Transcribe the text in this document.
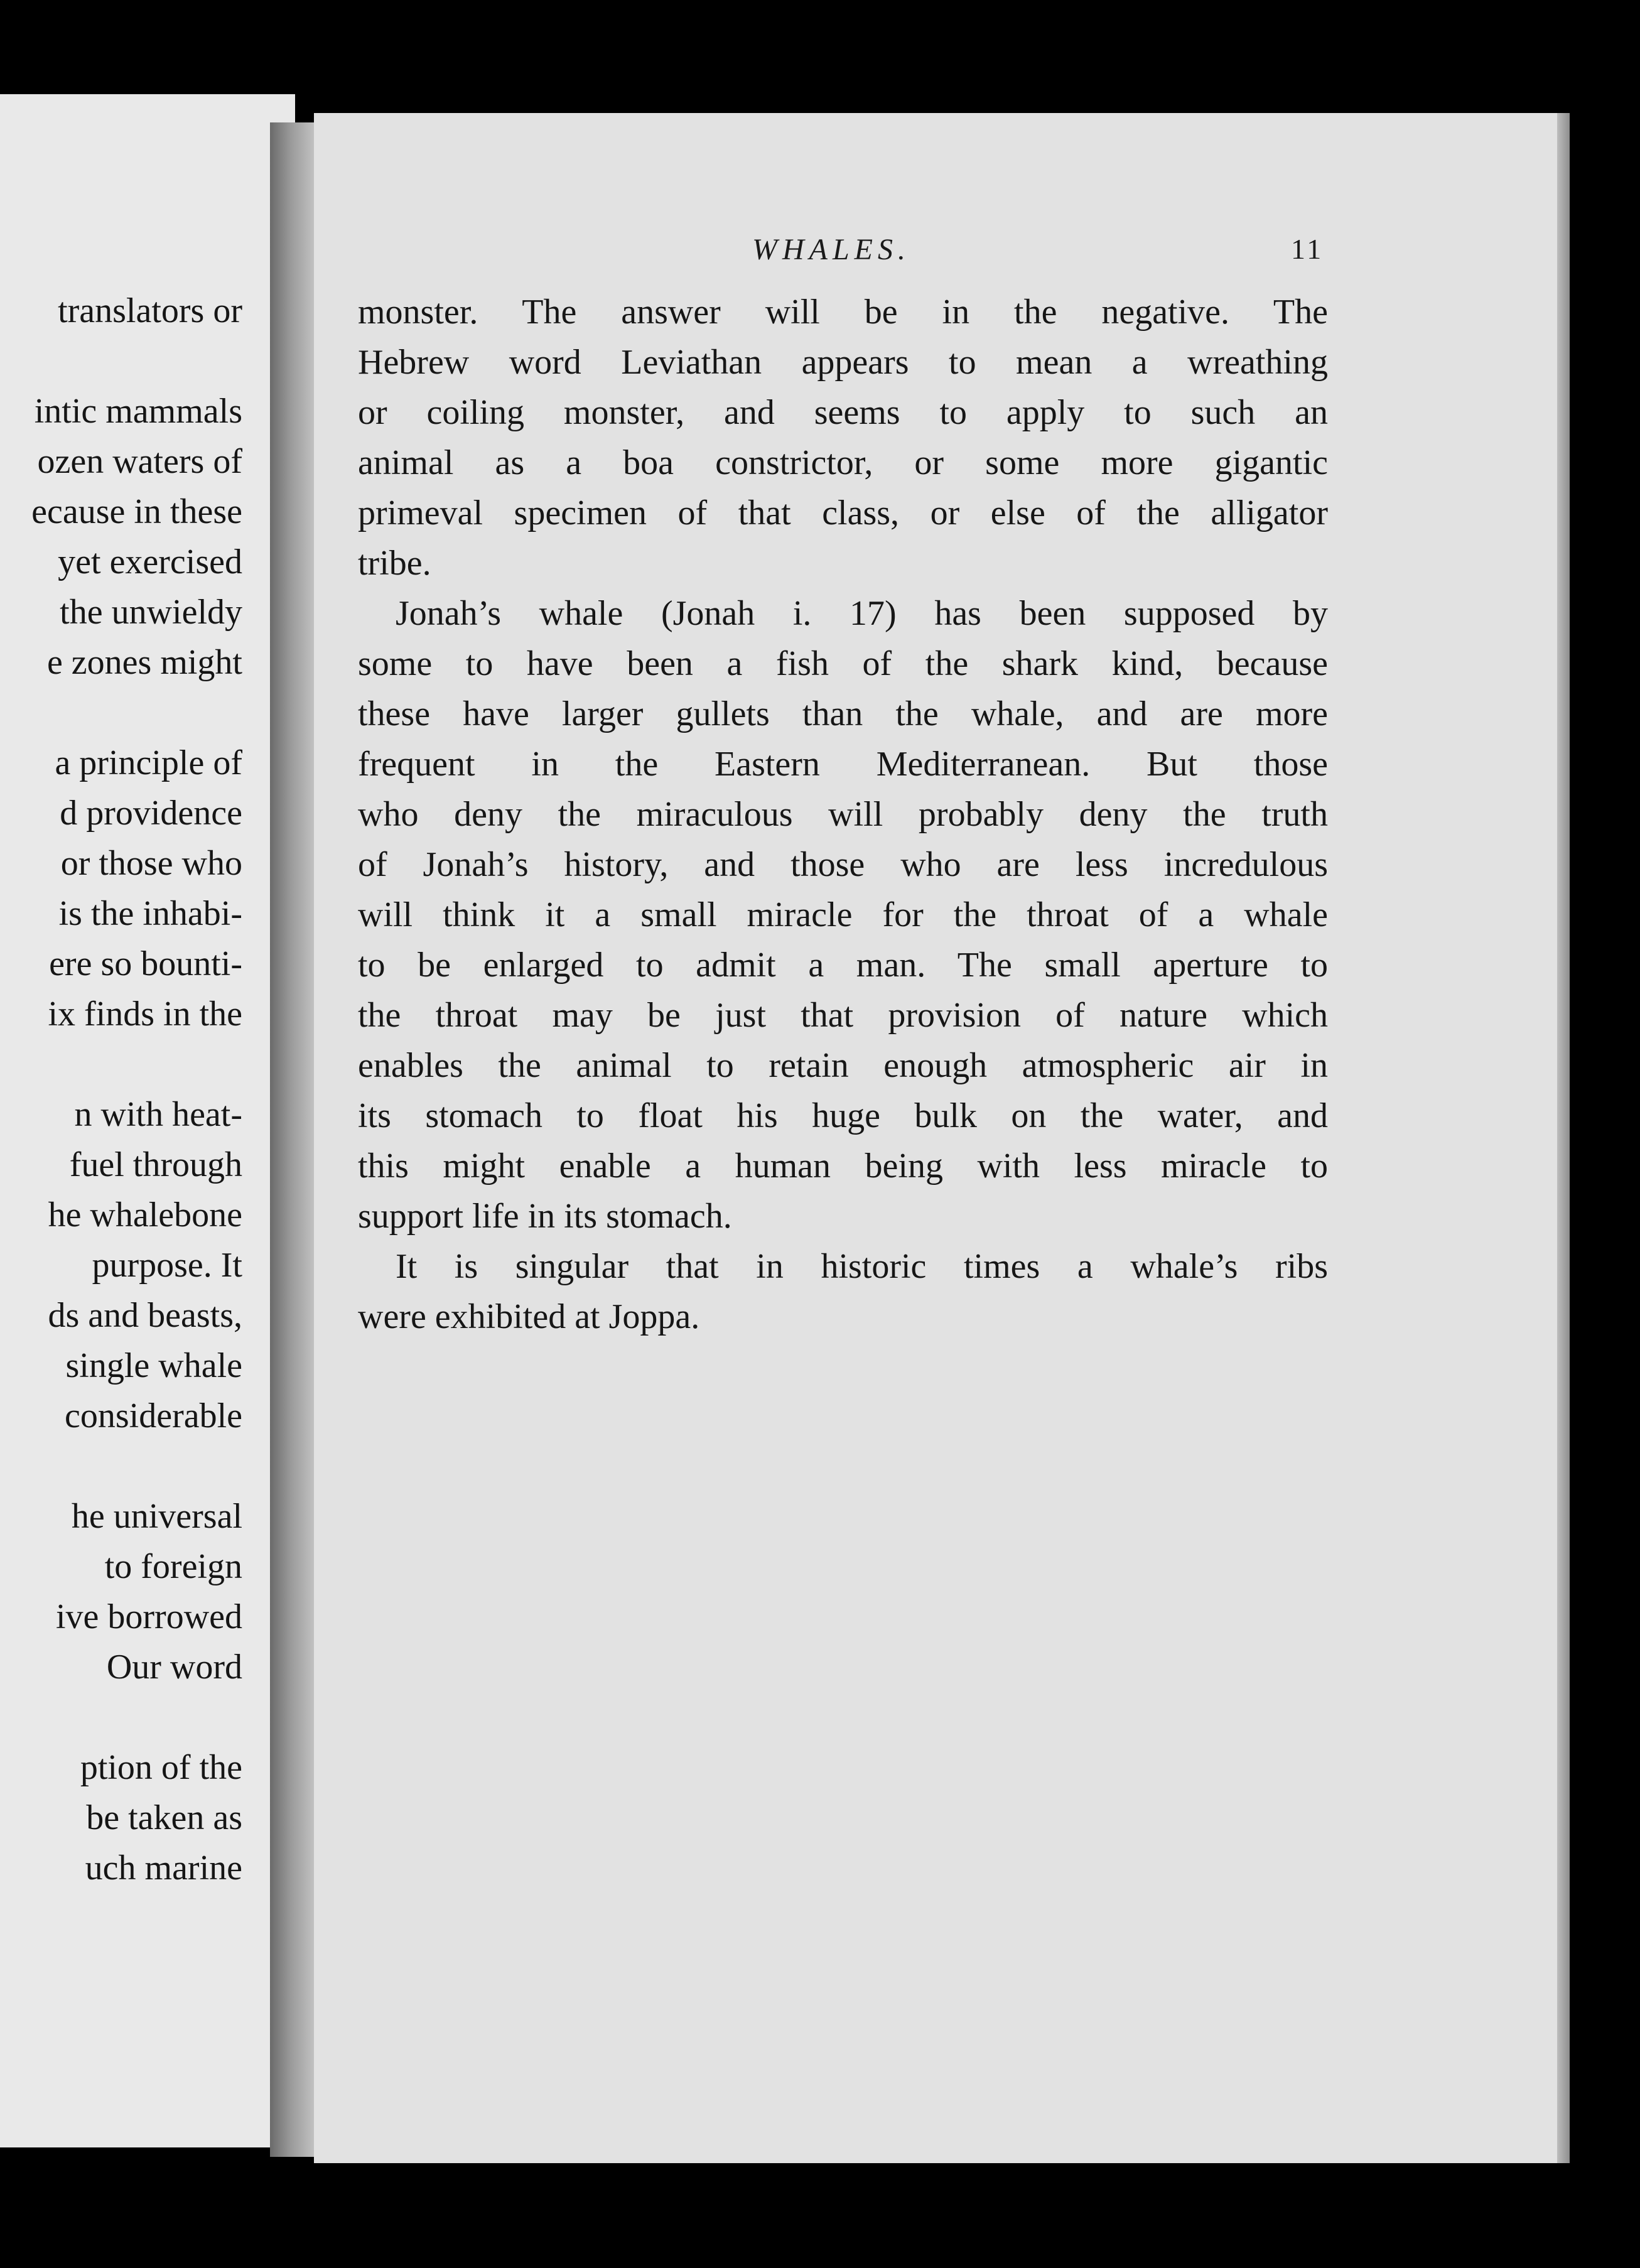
translators or
intic mammals
ozen waters of
ecause in these
yet exercised
the unwieldy
e zones might
a principle of
d providence
or those who
is the inhabi-
ere so bounti-
ix finds in the
n with heat-
fuel through
he whalebone
purpose. It
ds and beasts,
single whale
considerable
he universal
to foreign
ive borrowed
Our word
ption of the
be taken as
uch marine
WHALES.	11
monster. The answer will be in the negative. The
Hebrew word Leviathan appears to mean a wreathing
or coiling monster, and seems to apply to such an
animal as a boa constrictor, or some more gigantic
primeval specimen of that class, or else of the alligator
tribe.
Jonah’s whale (Jonah i. 17) has been supposed by
some to have been a fish of the shark kind, because
these have larger gullets than the whale, and are more
frequent in the Eastern Mediterranean. But those
who deny the miraculous will probably deny the truth
of Jonah’s history, and those who are less incredulous
will think it a small miracle for the throat of a whale
to be enlarged to admit a man. The small aperture to
the throat may be just that provision of nature which
enables the animal to retain enough atmospheric air in
its stomach to float his huge bulk on the water, and
this might enable a human being with less miracle to
support life in its stomach.
It is singular that in historic times a whale’s ribs
were exhibited at Joppa.
